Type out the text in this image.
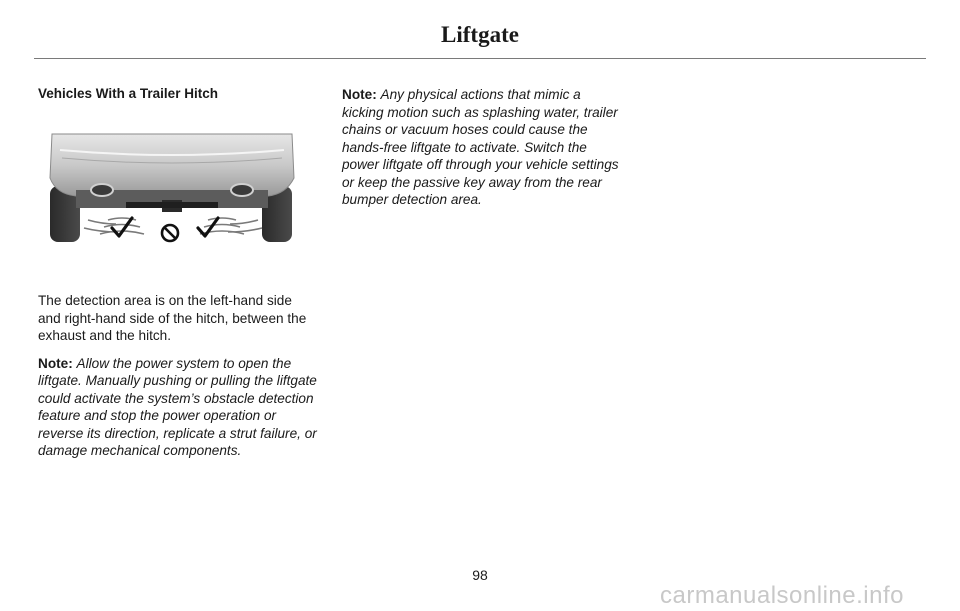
Liftgate
Vehicles With a Trailer Hitch

The detection area is on the left-hand side and right-hand side of the hitch, between the exhaust and the hitch.

Note: Allow the power system to open the liftgate. Manually pushing or pulling the liftgate could activate the system’s obstacle detection feature and stop the power operation or reverse its direction, replicate a strut failure, or damage mechanical components.

Note: Any physical actions that mimic a kicking motion such as splashing water, trailer chains or vacuum hoses could cause the hands-free liftgate to activate. Switch the power liftgate off through your vehicle settings or keep the passive key away from the rear bumper detection area.

98
carmanualsonline.info
